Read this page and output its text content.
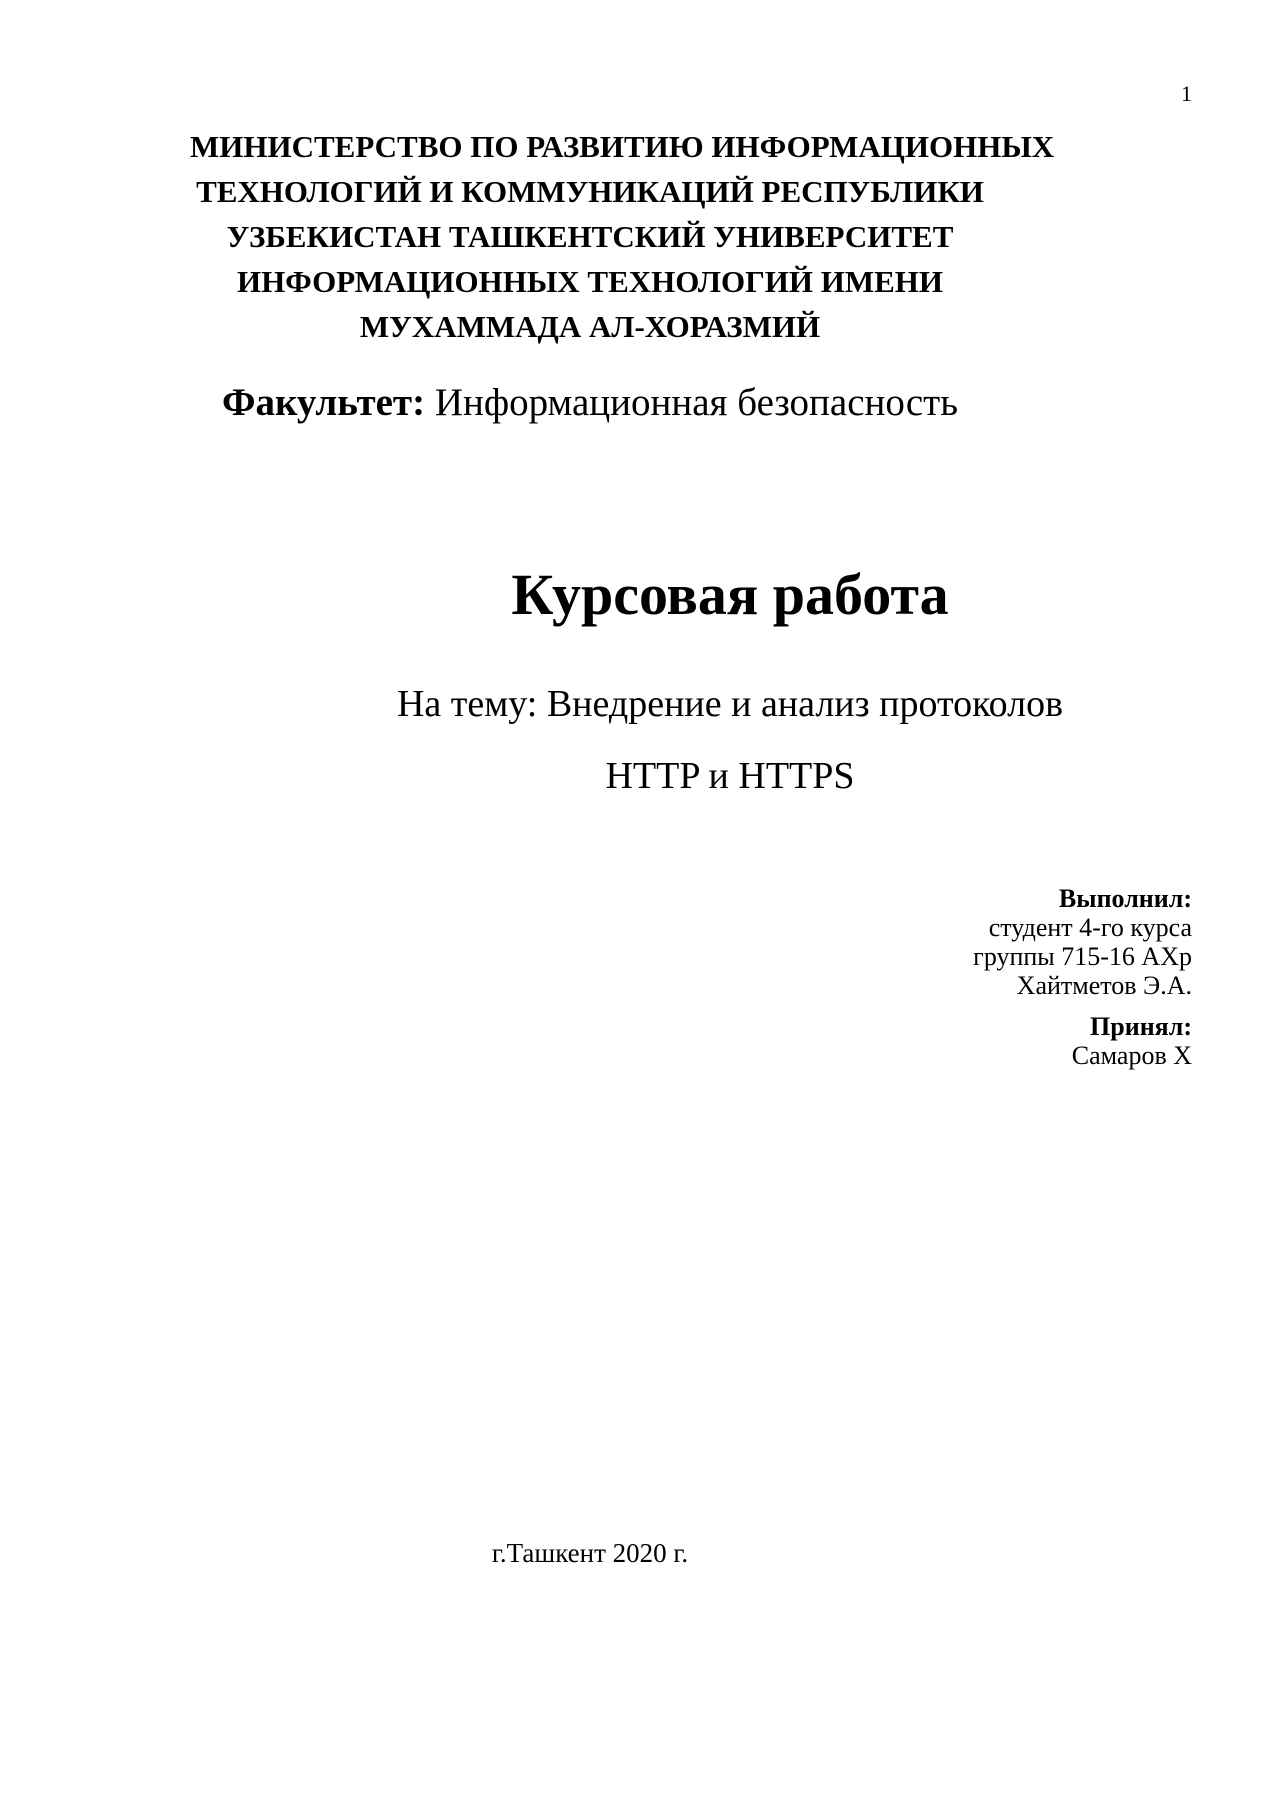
1
МИНИСТЕРСТВО ПО РАЗВИТИЮ ИНФОРМАЦИОННЫХ
ТЕХНОЛОГИЙ И КОММУНИКАЦИЙ РЕСПУБЛИКИ
УЗБЕКИСТАН ТАШКЕНТСКИЙ УНИВЕРСИТЕТ
ИНФОРМАЦИОННЫХ ТЕХНОЛОГИЙ ИМЕНИ
МУХАММАДА АЛ-ХОРАЗМИЙ
Факультет: Информационная безопасность
Курсовая работа
На тему: Внедрение и анализ протоколов
HTTP и HTTPS
Выполнил:
студент 4-го курса
группы 715-16 AXp
Хайтметов Э.А.
Принял:
Самаров Х
г.Ташкент 2020 г.
